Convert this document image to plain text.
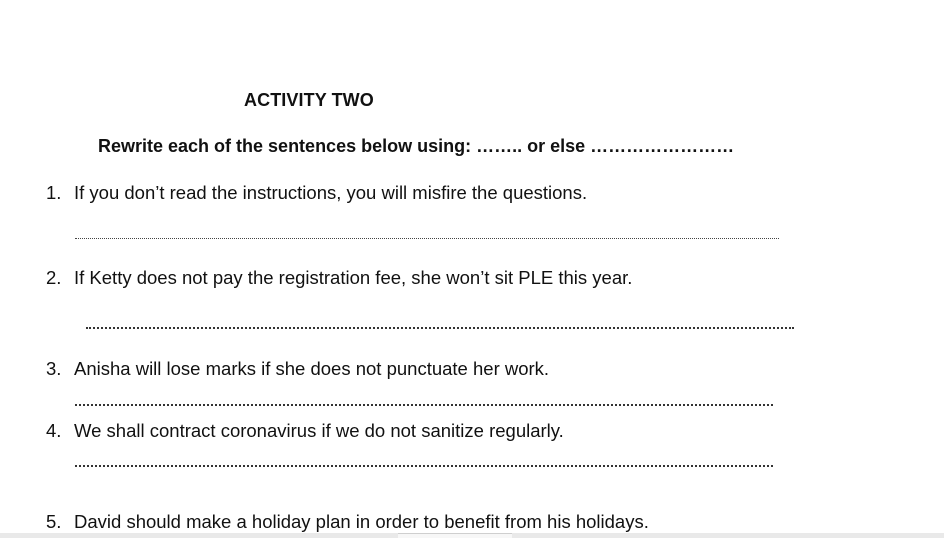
ACTIVITY TWO
Rewrite each of the sentences below using: …….. or else ……………………
1. If you don’t read the instructions, you will misfire the questions.
2. If Ketty does not pay the registration fee, she won’t sit PLE this year.
3. Anisha will lose marks if she does not punctuate her work.
4. We shall contract coronavirus if we do not sanitize regularly.
5. David should make a holiday plan in order to benefit from his holidays.
